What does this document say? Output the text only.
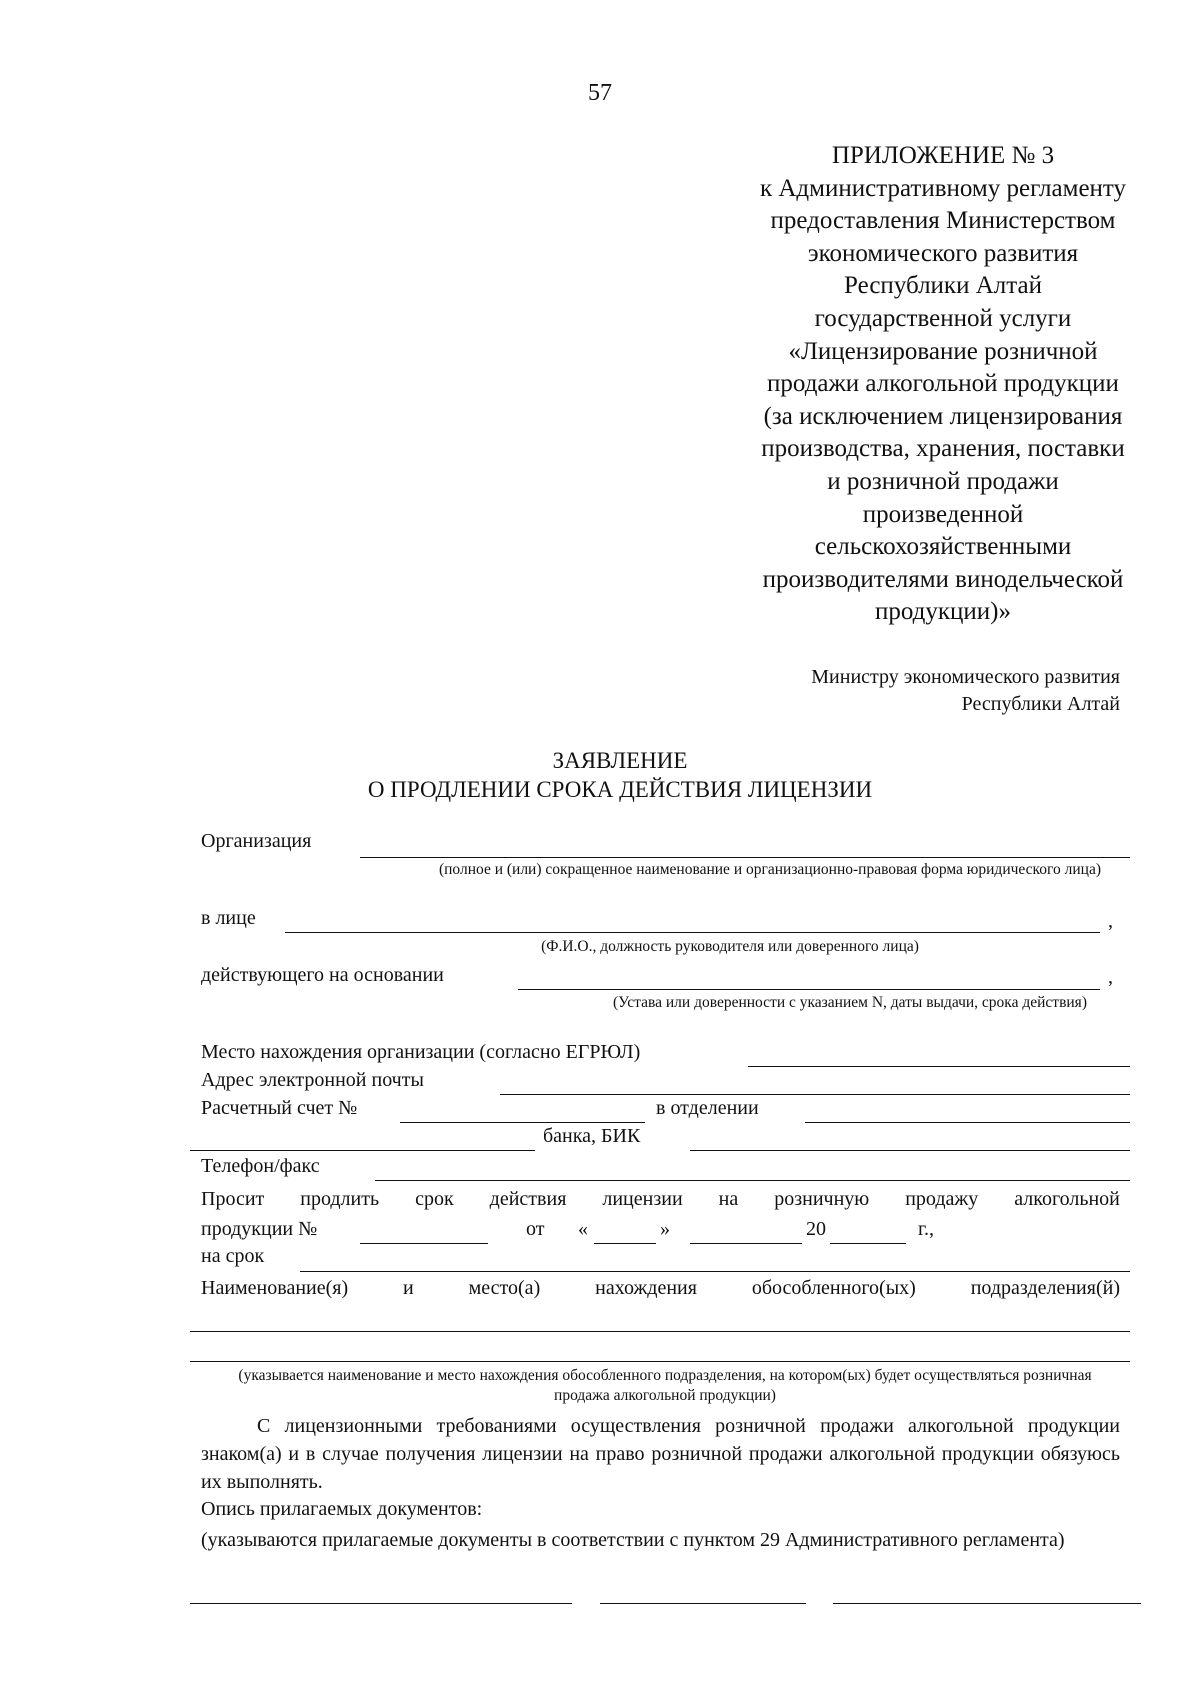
57
ПРИЛОЖЕНИЕ № 3
к Административному регламенту
предоставления Министерством
экономического развития
Республики Алтай
государственной услуги
«Лицензирование розничной
продажи алкогольной продукции
(за исключением лицензирования
производства, хранения, поставки
и розничной продажи
произведенной
сельскохозяйственными
производителями винодельческой
продукции)»
Министру экономического развития
Республики Алтай
ЗАЯВЛЕНИЕ
О ПРОДЛЕНИИ СРОКА ДЕЙСТВИЯ ЛИЦЕНЗИИ
Организация
(полное и (или) сокращенное наименование и организационно-правовая форма юридического лица)
в лице	,
(Ф.И.О., должность руководителя или доверенного лица)
действующего на основании	,
(Устава или доверенности с указанием N, даты выдачи, срока действия)
Место нахождения организации (согласно ЕГРЮЛ)
Адрес электронной почты
Расчетный счет №	в отделении
банка, БИК
Телефон/факс
Просит продлить срок действия лицензии на розничную продажу алкогольной
продукции №	от «	»	20	г.,
на срок
Наименование(я)	и	место(а)	нахождения	обособленного(ых)	подразделения(й)
(указывается наименование и место нахождения обособленного подразделения, на котором(ых) будет осуществляться розничная продажа алкогольной продукции)
С лицензионными требованиями осуществления розничной продажи алкогольной продукции знаком(а) и в случае получения лицензии на право розничной продажи алкогольной продукции обязуюсь их выполнять.
Опись прилагаемых документов:
(указываются прилагаемые документы в соответствии с пунктом 29 Административного регламента)
